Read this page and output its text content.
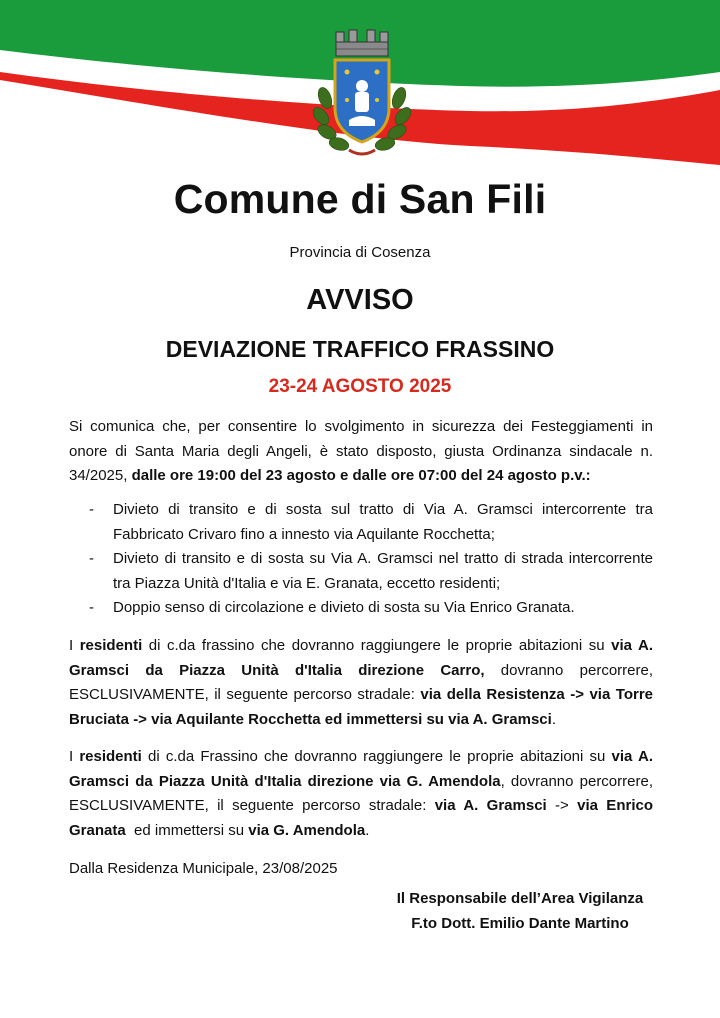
Comune di San Fili
Provincia di Cosenza
AVVISO
DEVIAZIONE TRAFFICO FRASSINO
23-24 AGOSTO 2025
Si comunica che, per consentire lo svolgimento in sicurezza dei Festeggiamenti in onore di Santa Maria degli Angeli, è stato disposto, giusta Ordinanza sindacale n. 34/2025, dalle ore 19:00 del 23 agosto e dalle ore 07:00 del 24 agosto p.v.:
- Divieto di transito e di sosta sul tratto di Via A. Gramsci intercorrente tra Fabbricato Crivaro fino a innesto via Aquilante Rocchetta;
- Divieto di transito e di sosta su Via A. Gramsci nel tratto di strada intercorrente tra Piazza Unità d'Italia e via E. Granata, eccetto residenti;
- Doppio senso di circolazione e divieto di sosta su Via Enrico Granata.
I residenti di c.da frassino che dovranno raggiungere le proprie abitazioni su via A. Gramsci da Piazza Unità d'Italia direzione Carro, dovranno percorrere, ESCLUSIVAMENTE, il seguente percorso stradale: via della Resistenza -> via Torre Bruciata -> via Aquilante Rocchetta ed immettersi su via A. Gramsci.
I residenti di c.da Frassino che dovranno raggiungere le proprie abitazioni su via A. Gramsci da Piazza Unità d'Italia direzione via G. Amendola, dovranno percorrere, ESCLUSIVAMENTE, il seguente percorso stradale: via A. Gramsci -> via Enrico Granata  ed immettersi su via G. Amendola.
Dalla Residenza Municipale, 23/08/2025
Il Responsabile dell’Area Vigilanza
F.to Dott. Emilio Dante Martino
